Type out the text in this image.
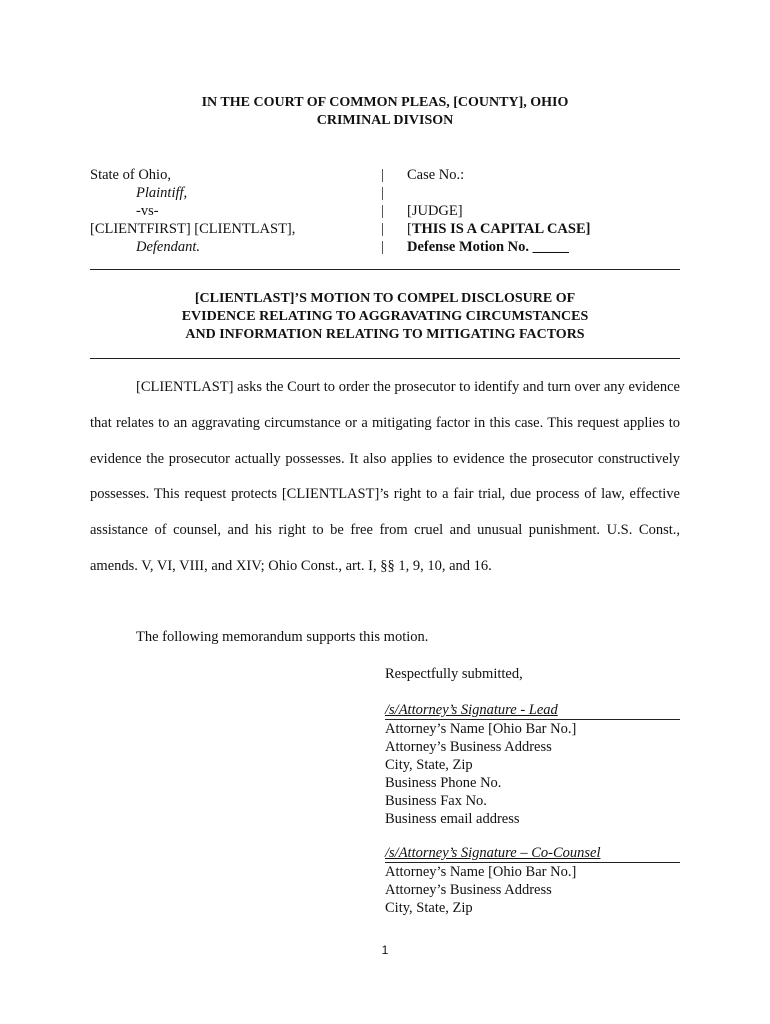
IN THE COURT OF COMMON PLEAS, [COUNTY], OHIO
CRIMINAL DIVISON
State of Ohio,
Plaintiff,
-vs-
[CLIENTFIRST] [CLIENTLAST],
Defendant.
|
|
|
|
|
Case No.:

[JUDGE]
[THIS IS A CAPITAL CASE]
Defense Motion No. _____
[CLIENTLAST]’S MOTION TO COMPEL DISCLOSURE OF
EVIDENCE RELATING TO AGGRAVATING CIRCUMSTANCES
AND INFORMATION RELATING TO MITIGATING FACTORS

[CLIENTLAST] asks the Court to order the prosecutor to identify and turn over any evidence that relates to an aggravating circumstance or a mitigating factor in this case. This request applies to evidence the prosecutor actually possesses. It also applies to evidence the prosecutor constructively possesses. This request protects [CLIENTLAST]’s right to a fair trial, due process of law, effective assistance of counsel, and his right to be free from cruel and unusual punishment. U.S. Const., amends. V, VI, VIII, and XIV; Ohio Const., art. I, §§ 1, 9, 10, and 16.

The following memorandum supports this motion.
Respectfully submitted,
/s/Attorney’s Signature - Lead
Attorney’s Name [Ohio Bar No.]
Attorney’s Business Address
City, State, Zip
Business Phone No.
Business Fax No.
Business email address
/s/Attorney’s Signature – Co-Counsel
Attorney’s Name [Ohio Bar No.]
Attorney’s Business Address
City, State, Zip
1
